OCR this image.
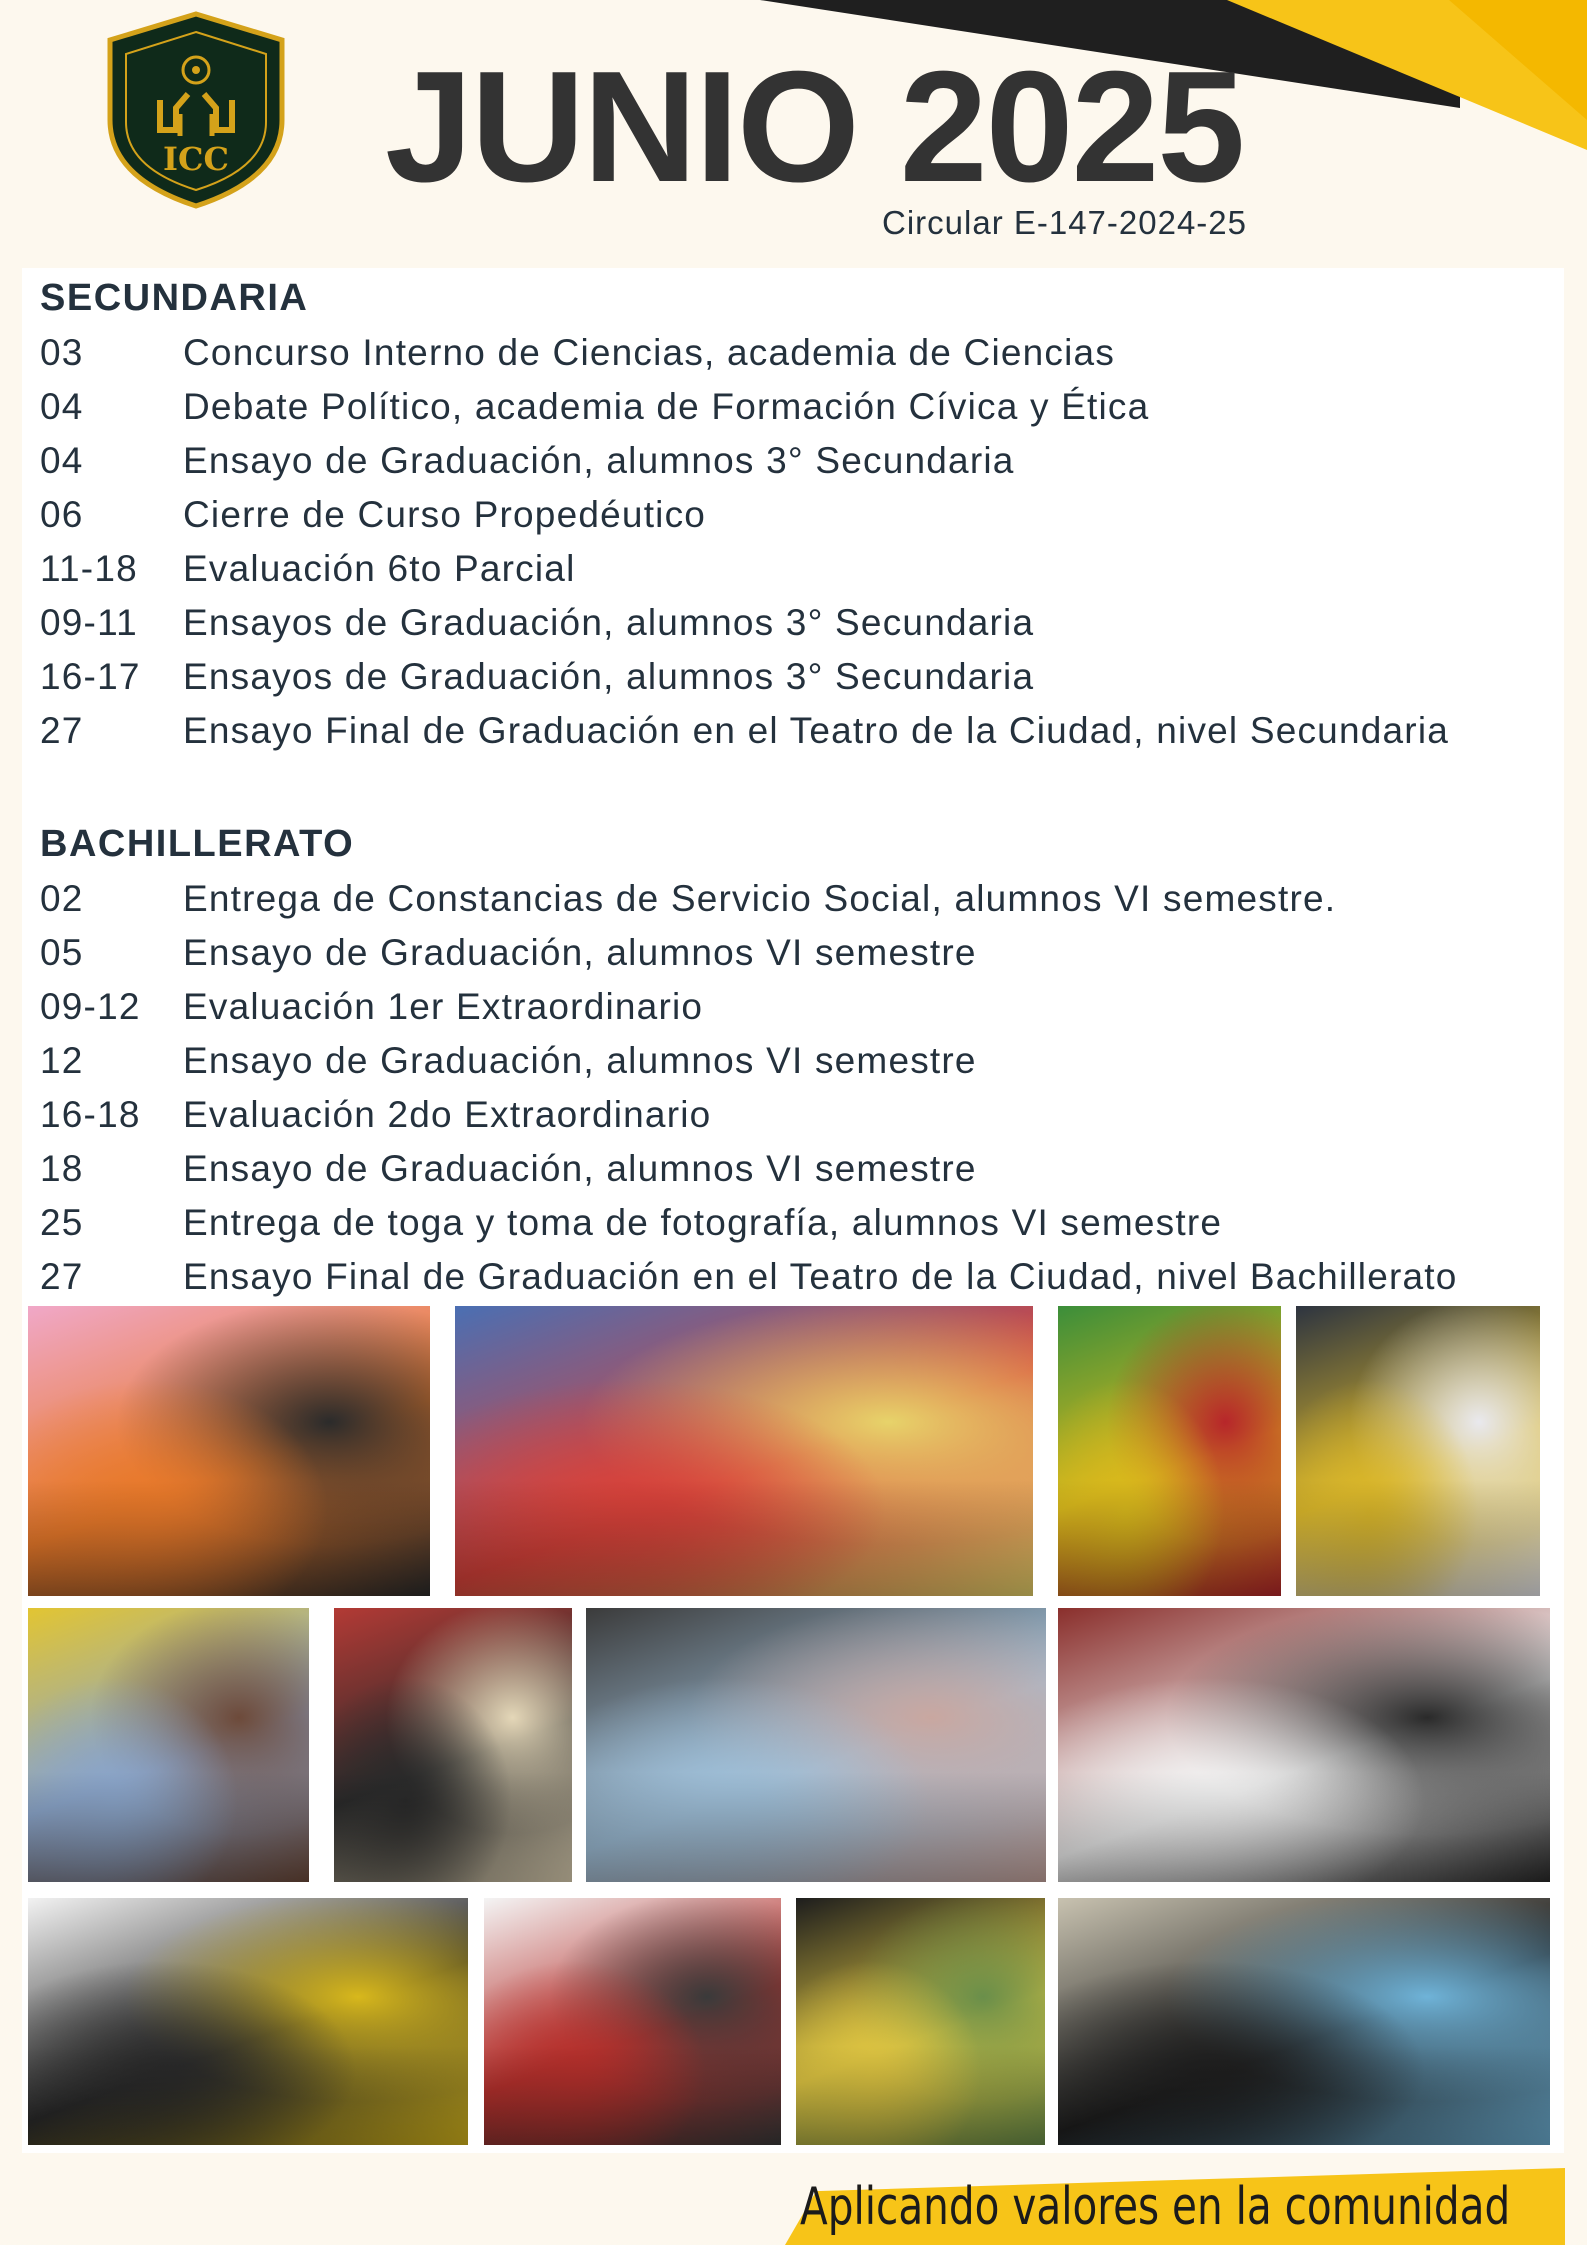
ICC JUNIO 2025
Circular E-147-2024-25
SECUNDARIA
03	Concurso Interno de Ciencias, academia de Ciencias
04	Debate Político, academia de Formación Cívica y Ética
04	Ensayo de Graduación, alumnos 3° Secundaria
06	Cierre de Curso Propedéutico
11-18	Evaluación 6to Parcial
09-11	Ensayos de Graduación, alumnos 3° Secundaria
16-17	Ensayos de Graduación, alumnos 3° Secundaria
27	Ensayo Final de Graduación en el Teatro de la Ciudad, nivel Secundaria
BACHILLERATO
02	Entrega de Constancias de Servicio Social, alumnos VI semestre.
05	Ensayo de Graduación, alumnos VI semestre
09-12	Evaluación 1er Extraordinario
12	Ensayo de Graduación, alumnos VI semestre
16-18	Evaluación 2do Extraordinario
18	Ensayo de Graduación, alumnos VI semestre
25	Entrega de toga y toma de fotografía, alumnos VI semestre
27	Ensayo Final de Graduación en el Teatro de la Ciudad, nivel Bachillerato
Aplicando valores en la comunidad
